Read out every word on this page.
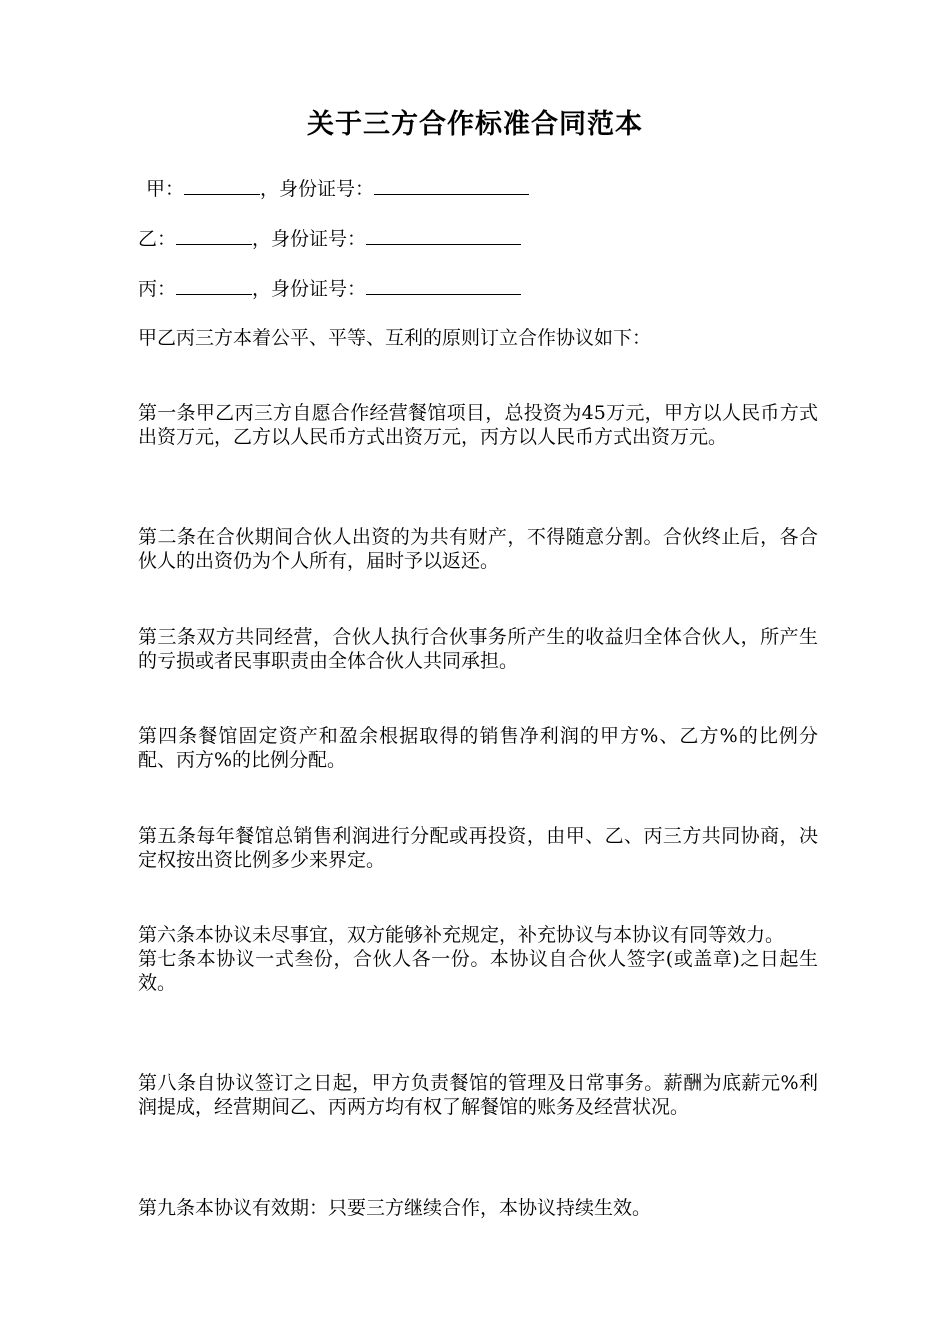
关于三方合作标准合同范本
甲：	，身份证号：
乙：	，身份证号：
丙：	，身份证号：
甲乙丙三方本着公平、平等、互利的原则订立合作协议如下：

第一条甲乙丙三方自愿合作经营餐馆项目，总投资为45万元，甲方以人民币方式出资万元，乙方以人民币方式出资万元，丙方以人民币方式出资万元。

第二条在合伙期间合伙人出资的为共有财产，不得随意分割。合伙终止后，各合伙人的出资仍为个人所有，届时予以返还。

第三条双方共同经营，合伙人执行合伙事务所产生的收益归全体合伙人，所产生的亏损或者民事职责由全体合伙人共同承担。

第四条餐馆固定资产和盈余根据取得的销售净利润的甲方%、乙方%的比例分配、丙方%的比例分配。

第五条每年餐馆总销售利润进行分配或再投资，由甲、乙、丙三方共同协商，决定权按出资比例多少来界定。

第六条本协议未尽事宜，双方能够补充规定，补充协议与本协议有同等效力。

第七条本协议一式叁份，合伙人各一份。本协议自合伙人签字(或盖章)之日起生效。

第八条自协议签订之日起，甲方负责餐馆的管理及日常事务。薪酬为底薪元%利润提成，经营期间乙、丙两方均有权了解餐馆的账务及经营状况。

第九条本协议有效期：只要三方继续合作，本协议持续生效。
